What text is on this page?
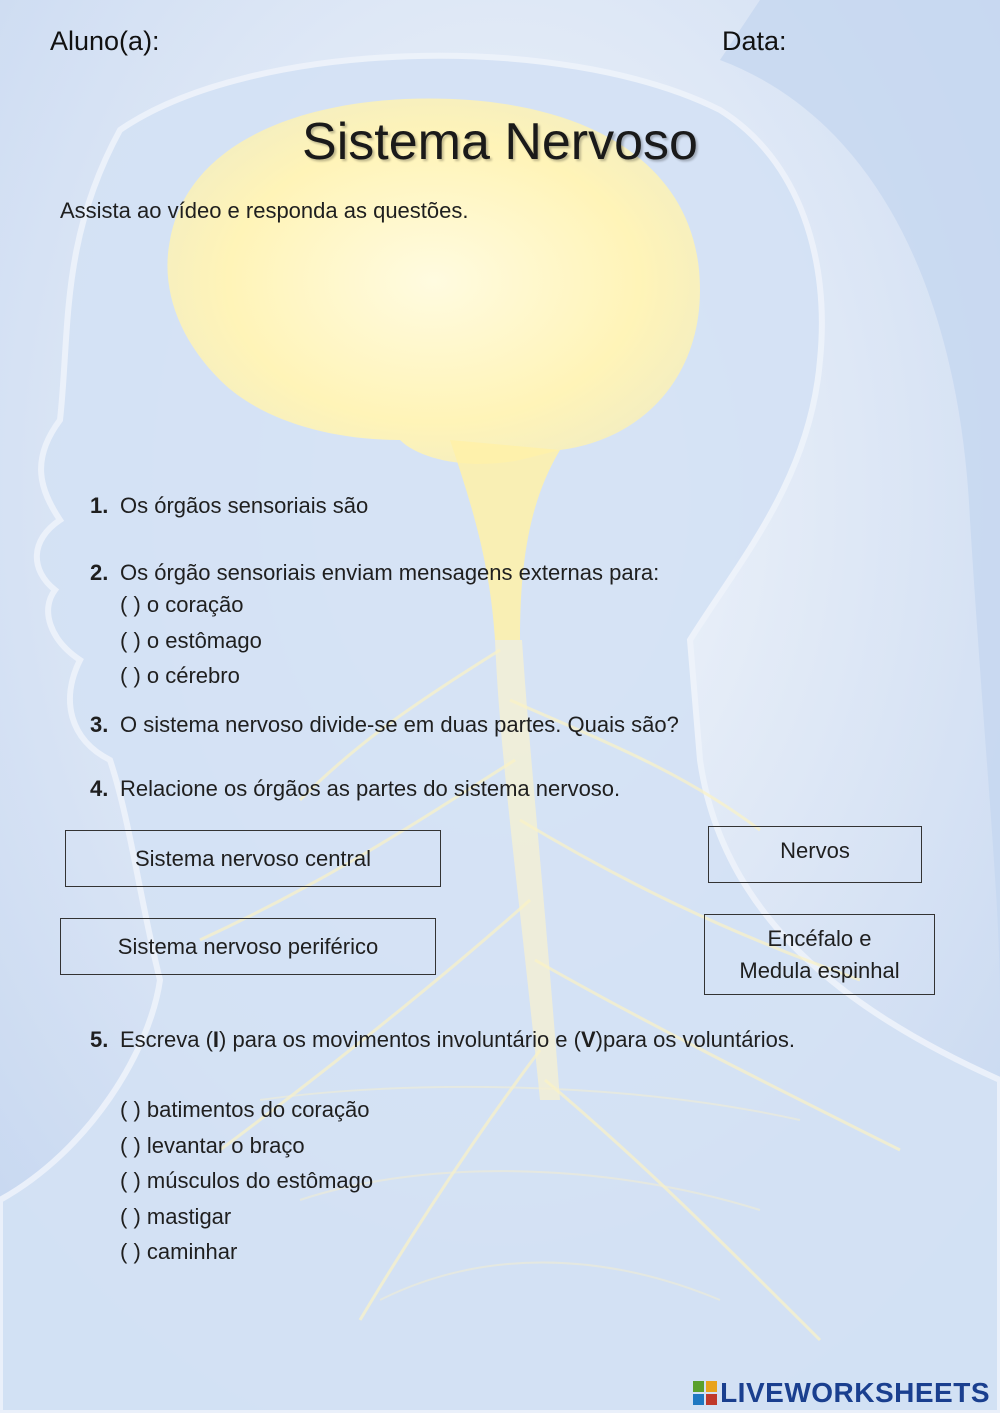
Aluno(a):	Data:
Sistema Nervoso
Assista ao vídeo e responda as questões.
1. Os órgãos sensoriais são
2. Os órgão sensoriais enviam mensagens externas para:
( ) o coração
( ) o estômago
( ) o cérebro
3. O sistema nervoso divide-se em duas partes. Quais são?
4. Relacione os órgãos as partes do sistema nervoso.
Sistema nervoso central
Sistema nervoso periférico
Nervos
Encéfalo e
Medula espinhal
5. Escreva (I) para os movimentos involuntário e (V)para os voluntários.
( ) batimentos do coração
( ) levantar o braço
( ) músculos do estômago
( ) mastigar
( ) caminhar
LIVEWORKSHEETS
